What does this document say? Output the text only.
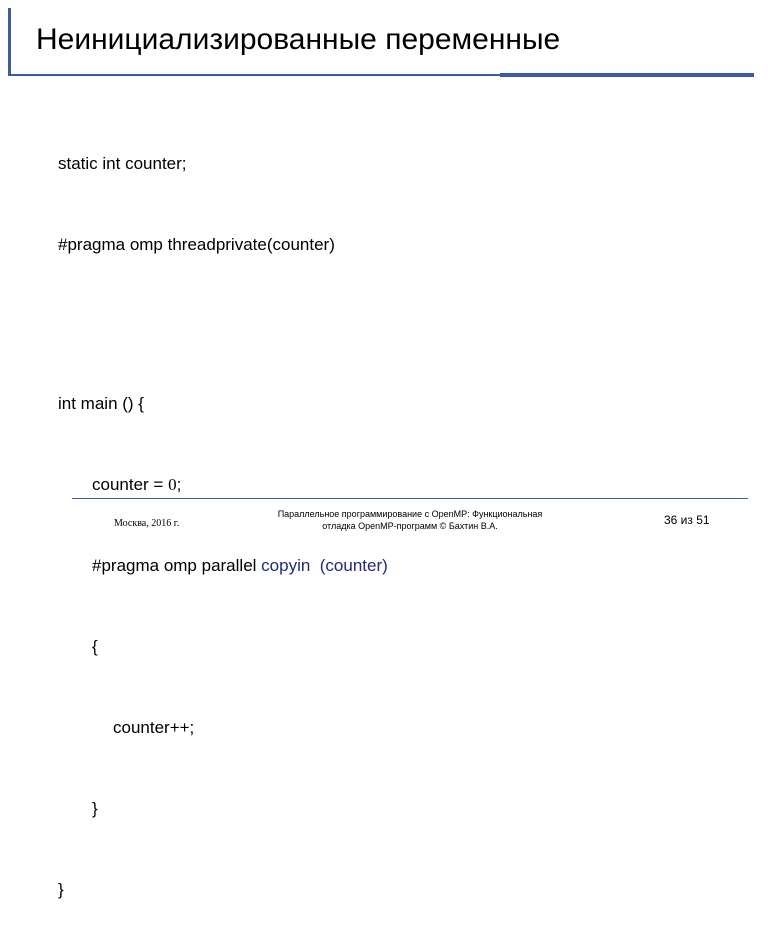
Неинициализированные переменные

static int counter;

#pragma omp threadprivate(counter)

int main () {

counter = 0;

#pragma omp parallel copyin  (counter)

{

counter++;

}

}

Москва, 2016 г.
Параллельное программирование с OpenMP: Функциональная
отладка OpenMP-программ © Бахтин В.А.	36 из 51
